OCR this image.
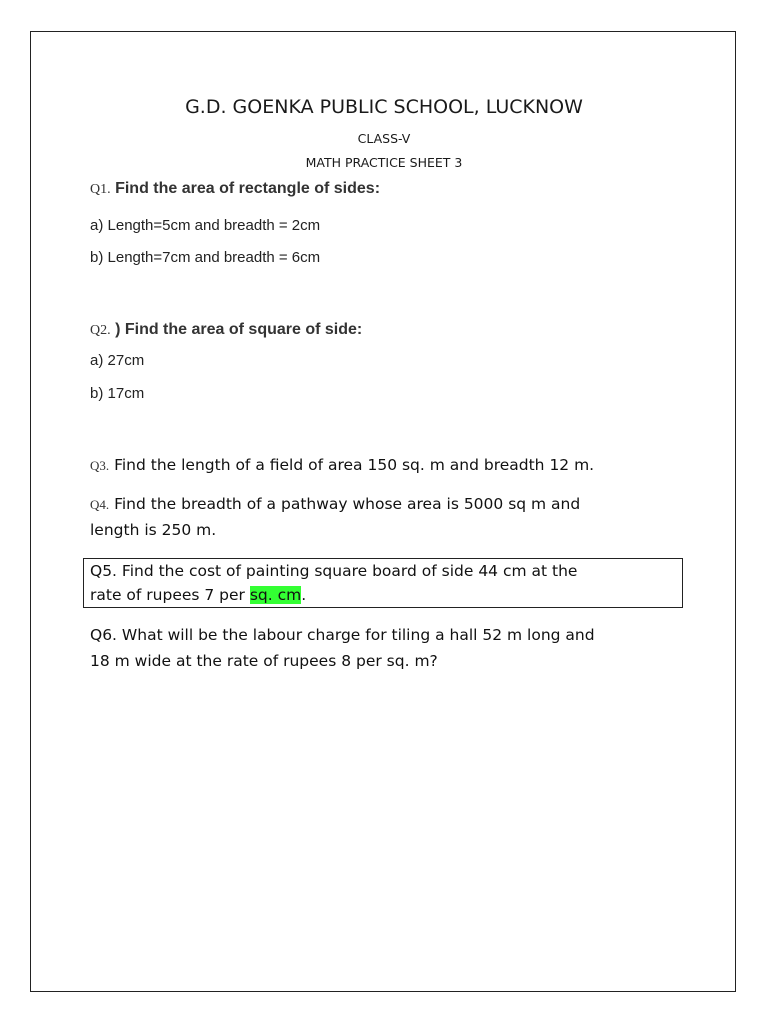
G.D. GOENKA PUBLIC SCHOOL, LUCKNOW

CLASS-V

MATH PRACTICE SHEET 3

Q1. Find the area of rectangle of sides:

a) Length=5cm and breadth = 2cm

b) Length=7cm and breadth = 6cm

Q2. ) Find the area of square of side:

a) 27cm

b) 17cm

Q3. Find the length of a field of area 150 sq. m and breadth 12 m.

Q4. Find the breadth of a pathway whose area is 5000 sq m and

length is 250 m.

Q5. Find the cost of painting square board of side 44 cm at the

rate of rupees 7 per sq. cm.

Q6. What will be the labour charge for tiling a hall 52 m long and

18 m wide at the rate of rupees 8 per sq. m?
